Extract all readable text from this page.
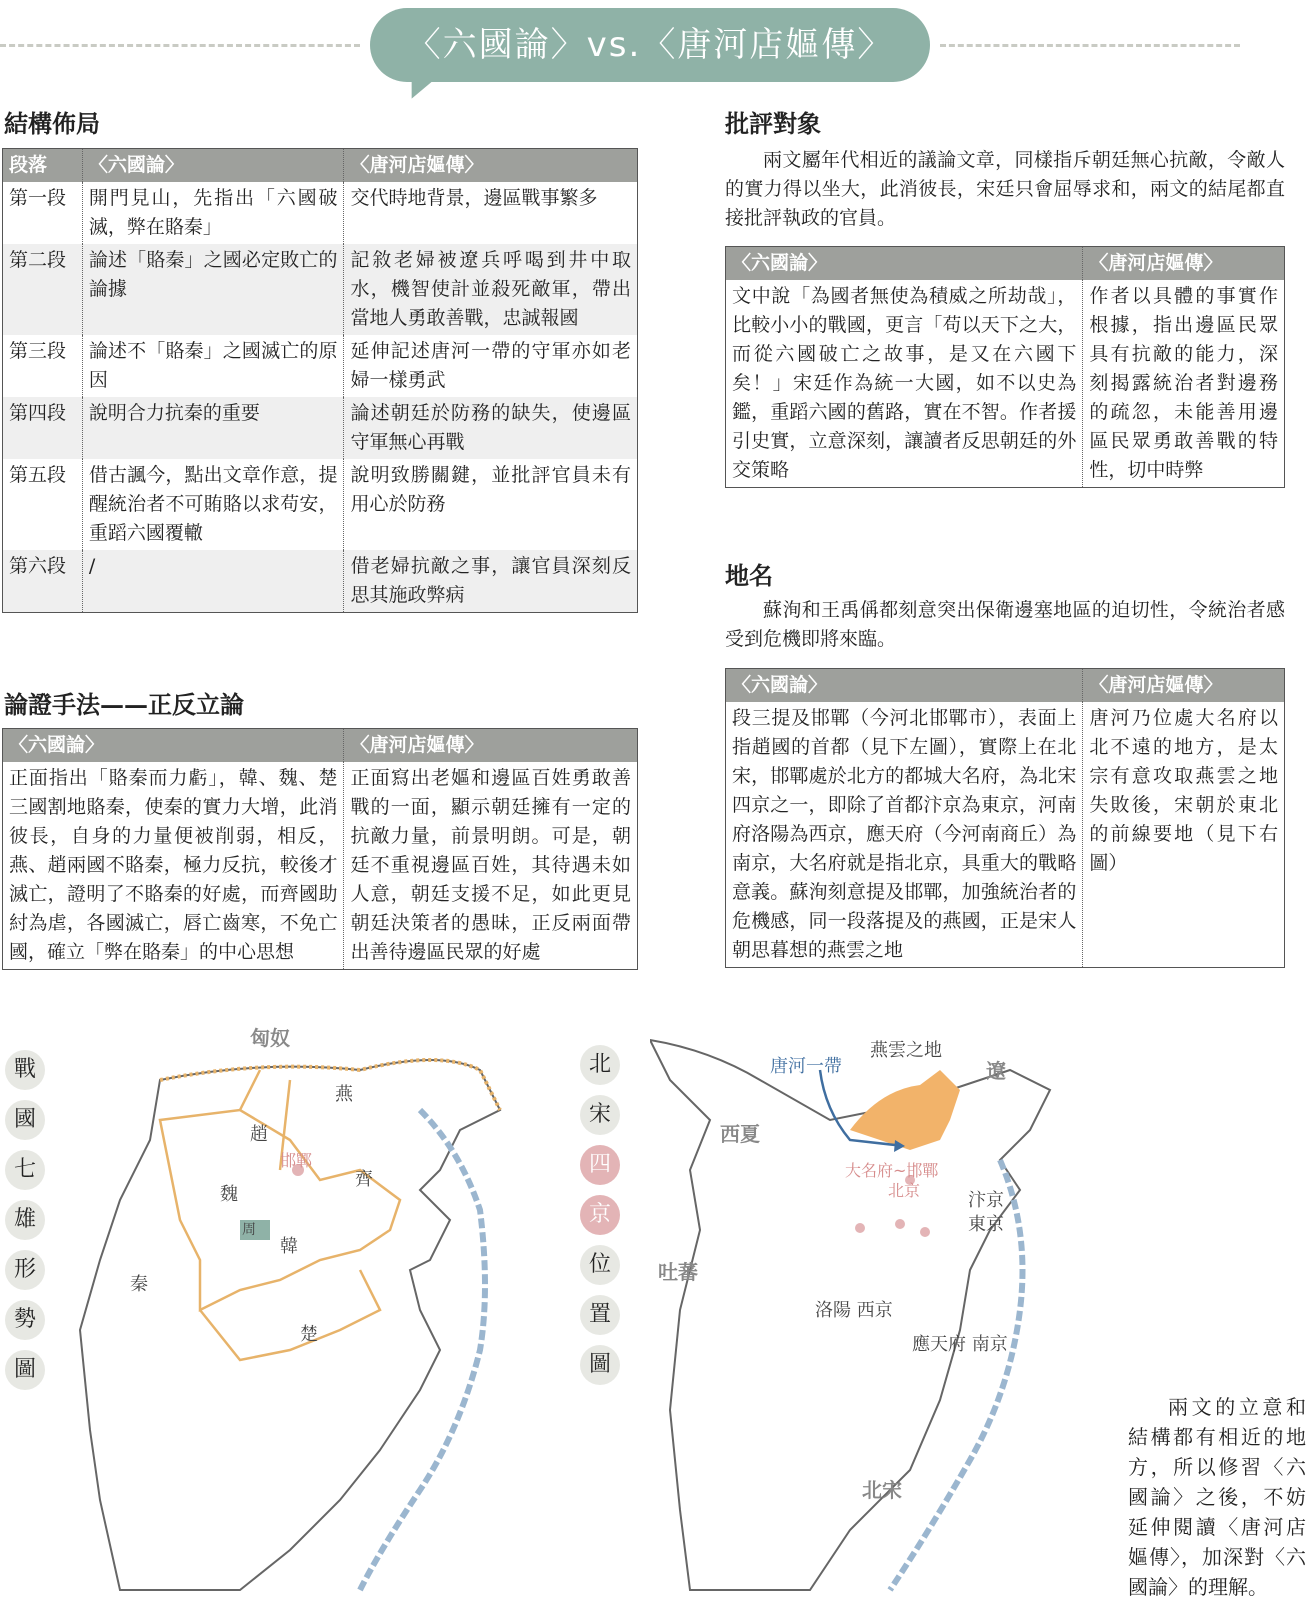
〈六國論〉vs.〈唐河店嫗傳〉
結構佈局
段落	〈六國論〉	〈唐河店嫗傳〉
第一段	開門見山，先指出「六國破滅，弊在賂秦」	交代時地背景，邊區戰事繁多
第二段	論述「賂秦」之國必定敗亡的論據	記敘老婦被遼兵呼喝到井中取水，機智使計並殺死敵軍，帶出當地人勇敢善戰，忠誠報國
第三段	論述不「賂秦」之國滅亡的原因	延伸記述唐河一帶的守軍亦如老婦一樣勇武
第四段	說明合力抗秦的重要	論述朝廷於防務的缺失，使邊區守軍無心再戰
第五段	借古諷今，點出文章作意，提醒統治者不可賄賂以求苟安，重蹈六國覆轍	說明致勝關鍵，並批評官員未有用心於防務
第六段	/	借老婦抗敵之事，讓官員深刻反思其施政弊病
論證手法——正反立論
〈六國論〉	〈唐河店嫗傳〉
正面指出「賂秦而力虧」，韓、魏、楚三國割地賂秦，使秦的實力大增，此消彼長，自身的力量便被削弱，相反，燕、趙兩國不賂秦，極力反抗，較後才滅亡，證明了不賂秦的好處，而齊國助紂為虐，各國滅亡，唇亡齒寒，不免亡國，確立「弊在賂秦」的中心思想	正面寫出老嫗和邊區百姓勇敢善戰的一面，顯示朝廷擁有一定的抗敵力量，前景明朗。可是，朝廷不重視邊區百姓，其待遇未如人意，朝廷支援不足，如此更見朝廷決策者的愚昧，正反兩面帶出善待邊區民眾的好處
批評對象
兩文屬年代相近的議論文章，同樣指斥朝廷無心抗敵，令敵人的實力得以坐大，此消彼長，宋廷只會屈辱求和，兩文的結尾都直接批評執政的官員。
〈六國論〉	〈唐河店嫗傳〉
文中說「為國者無使為積威之所劫哉」，比較小小的戰國，更言「苟以天下之大，而從六國破亡之故事，是又在六國下矣！」宋廷作為統一大國，如不以史為鑑，重蹈六國的舊路，實在不智。作者援引史實，立意深刻，讓讀者反思朝廷的外交策略	作者以具體的事實作根據，指出邊區民眾具有抗敵的能力，深刻揭露統治者對邊務的疏忽，未能善用邊區民眾勇敢善戰的特性，切中時弊
地名
蘇洵和王禹偁都刻意突出保衛邊塞地區的迫切性，令統治者感受到危機即將來臨。
〈六國論〉	〈唐河店嫗傳〉
段三提及邯鄲（今河北邯鄲市），表面上指趙國的首都（見下左圖），實際上在北宋，邯鄲處於北方的都城大名府，為北宋四京之一，即除了首都汴京為東京，河南府洛陽為西京，應天府（今河南商丘）為南京，大名府就是指北京，具重大的戰略意義。蘇洵刻意提及邯鄲，加強統治者的危機感，同一段落提及的燕國，正是宋人朝思暮想的燕雲之地	唐河乃位處大名府以北不遠的地方，是太宗有意攻取燕雲之地失敗後，宋朝於東北的前線要地（見下右圖）
戰
國
七
雄
形
勢
圖
匈奴
燕
趙
邯鄲
齊
魏
周
韓
秦
楚
北
宋
四
京
位
置
圖
唐河一帶
燕雲之地
遼
西夏
大名府~邯鄲
北京	汴京
東京
吐蕃
洛陽 西京
應天府 南京
北宋
兩文的立意和結構都有相近的地方，所以修習〈六國論〉之後，不妨延伸閱讀〈唐河店嫗傳〉，加深對〈六國論〉的理解。
